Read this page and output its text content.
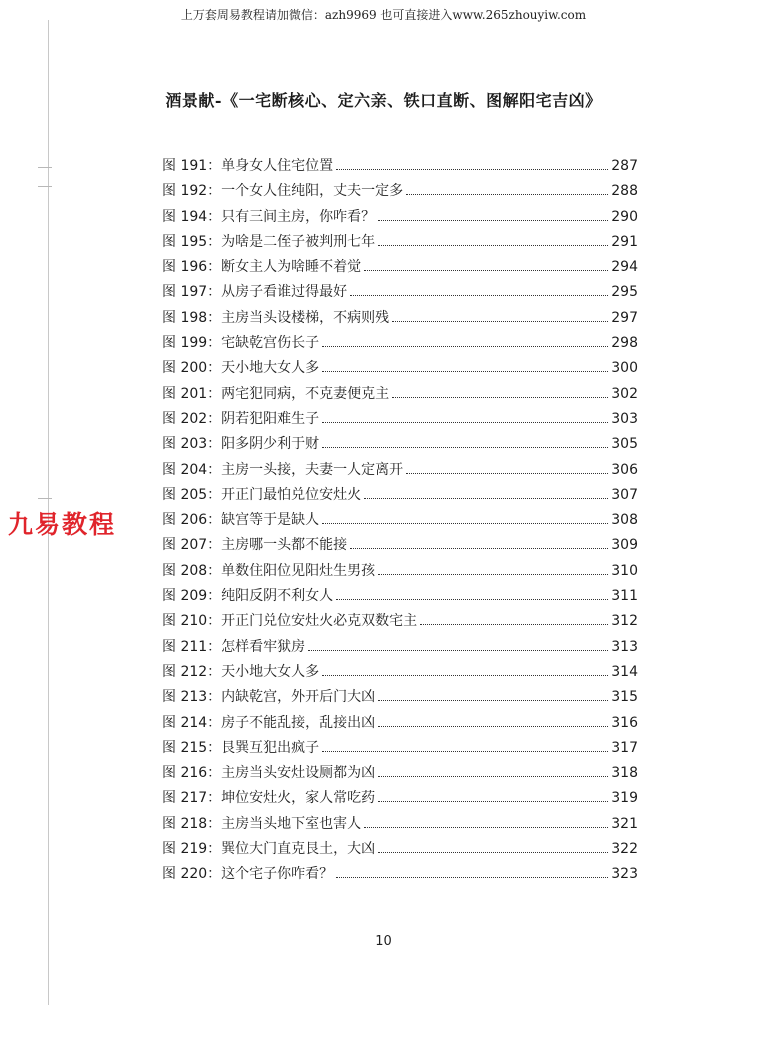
上万套周易教程请加微信：azh9969 也可直接进入www.265zhouyiw.com
酒景献-《一宅断核心、定六亲、铁口直断、图解阳宅吉凶》
图 191 ： 单身女人住宅位置	287
图 192 ： 一个女人住纯阳，丈夫一定多	288
图 194 ： 只有三间主房，你咋看？	290
图 195 ： 为啥是二侄子被判刑七年	291
图 196 ： 断女主人为啥睡不着觉	294
图 197 ： 从房子看谁过得最好	295
图 198 ： 主房当头设楼梯，不病则残	297
图 199 ： 宅缺乾宫伤长子	298
图 200 ： 天小地大女人多	300
图 201 ： 两宅犯同病，不克妻便克主	302
图 202 ： 阴若犯阳难生子	303
图 203 ： 阳多阴少利于财	305
图 204 ： 主房一头接，夫妻一人定离开	306
图 205 ： 开正门最怕兑位安灶火	307
图 206 ： 缺宫等于是缺人	308
图 207 ： 主房哪一头都不能接	309
图 208 ： 单数住阳位见阳灶生男孩	310
图 209 ： 纯阳反阴不利女人	311
图 210 ： 开正门兑位安灶火必克双数宅主	312
图 211 ： 怎样看牢狱房	313
图 212 ： 天小地大女人多	314
图 213 ： 内缺乾宫，外开后门大凶	315
图 214 ： 房子不能乱接，乱接出凶	316
图 215 ： 艮巽互犯出疯子	317
图 216 ： 主房当头安灶设厕都为凶	318
图 217 ： 坤位安灶火，家人常吃药	319
图 218 ： 主房当头地下室也害人	321
图 219 ： 巽位大门直克艮土，大凶	322
图 220 ： 这个宅子你咋看？	323
九易教程
10
